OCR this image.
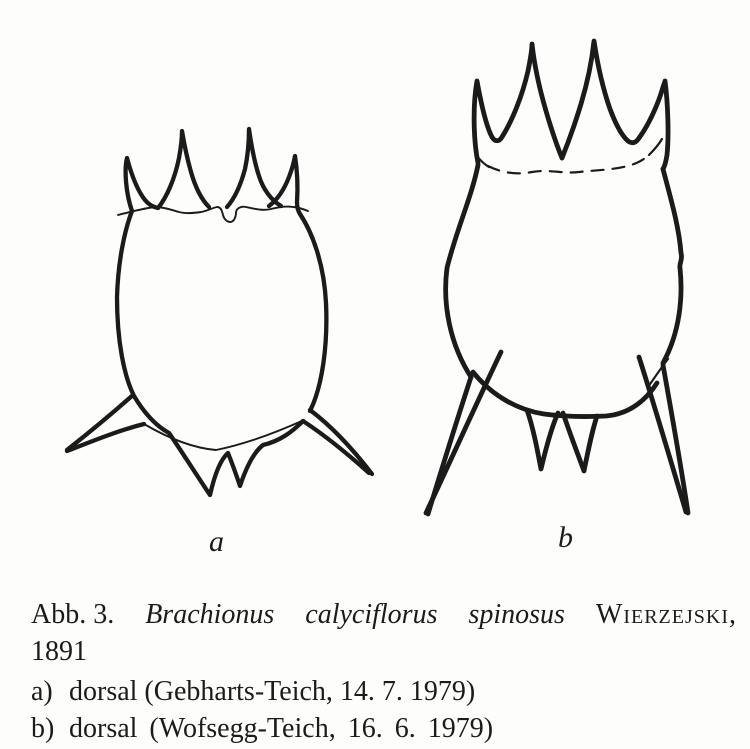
a	b
Abb. 3. Brachionus calyciflorus spinosus Wierzejski,
1891
a) dorsal (Gebharts-Teich, 14. 7. 1979)
b) dorsal (Wofsegg-Teich, 16. 6. 1979)
